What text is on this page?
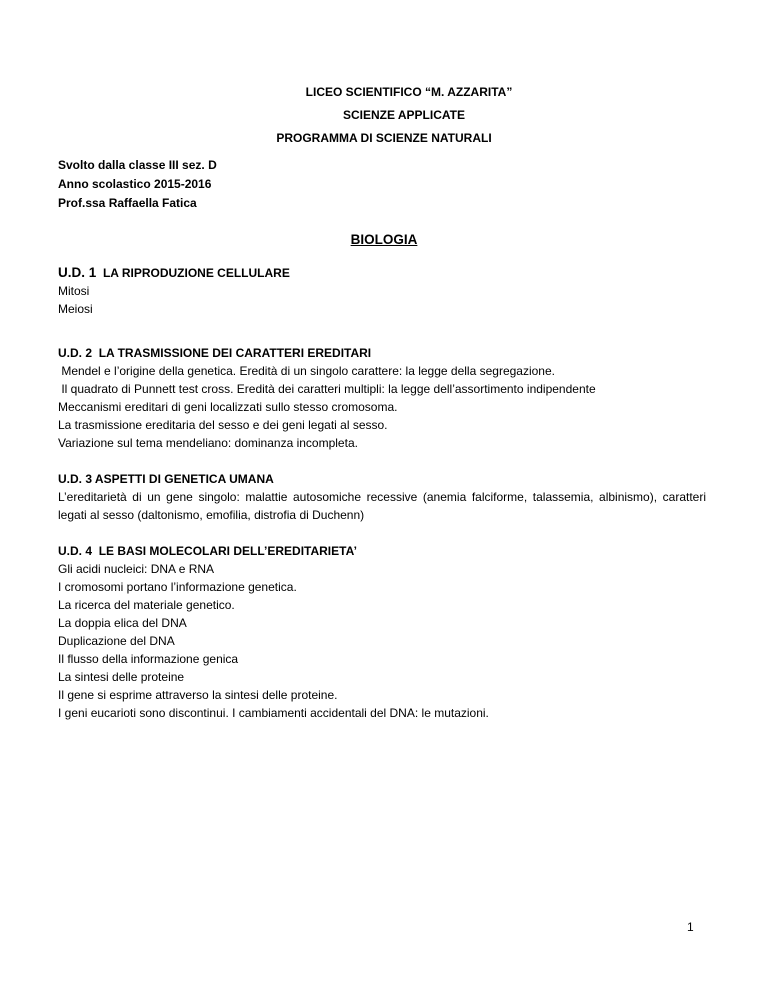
LICEO SCIENTIFICO “M. AZZARITA”
SCIENZE APPLICATE
PROGRAMMA DI SCIENZE NATURALI
Svolto dalla classe III sez. D
Anno scolastico 2015-2016
Prof.ssa Raffaella Fatica
BIOLOGIA
U.D. 1 LA RIPRODUZIONE CELLULARE
Mitosi
Meiosi
U.D. 2 LA TRASMISSIONE DEI CARATTERI EREDITARI
Mendel e l’origine della genetica. Eredità di un singolo carattere: la legge della segregazione.
Il quadrato di Punnett test cross. Eredità dei caratteri multipli: la legge dell’assortimento indipendente
Meccanismi ereditari di geni localizzati sullo stesso cromosoma.
La trasmissione ereditaria del sesso e dei geni legati al sesso.
Variazione sul tema mendeliano: dominanza incompleta.
U.D. 3 ASPETTI DI GENETICA UMANA
L’ereditarietà di un gene singolo: malattie autosomiche recessive (anemia falciforme, talassemia, albinismo), caratteri legati al sesso (daltonismo, emofilia, distrofia di Duchenn)
U.D. 4 LE BASI MOLECOLARI DELL’EREDITARIETA’
Gli acidi nucleici: DNA e RNA
I cromosomi portano l’informazione genetica.
La ricerca del materiale genetico.
La doppia elica del DNA
Duplicazione del DNA
Il flusso della informazione genica
La sintesi delle proteine
Il gene si esprime attraverso la sintesi delle proteine.
I geni eucarioti sono discontinui. I cambiamenti accidentali del DNA: le mutazioni.
1
